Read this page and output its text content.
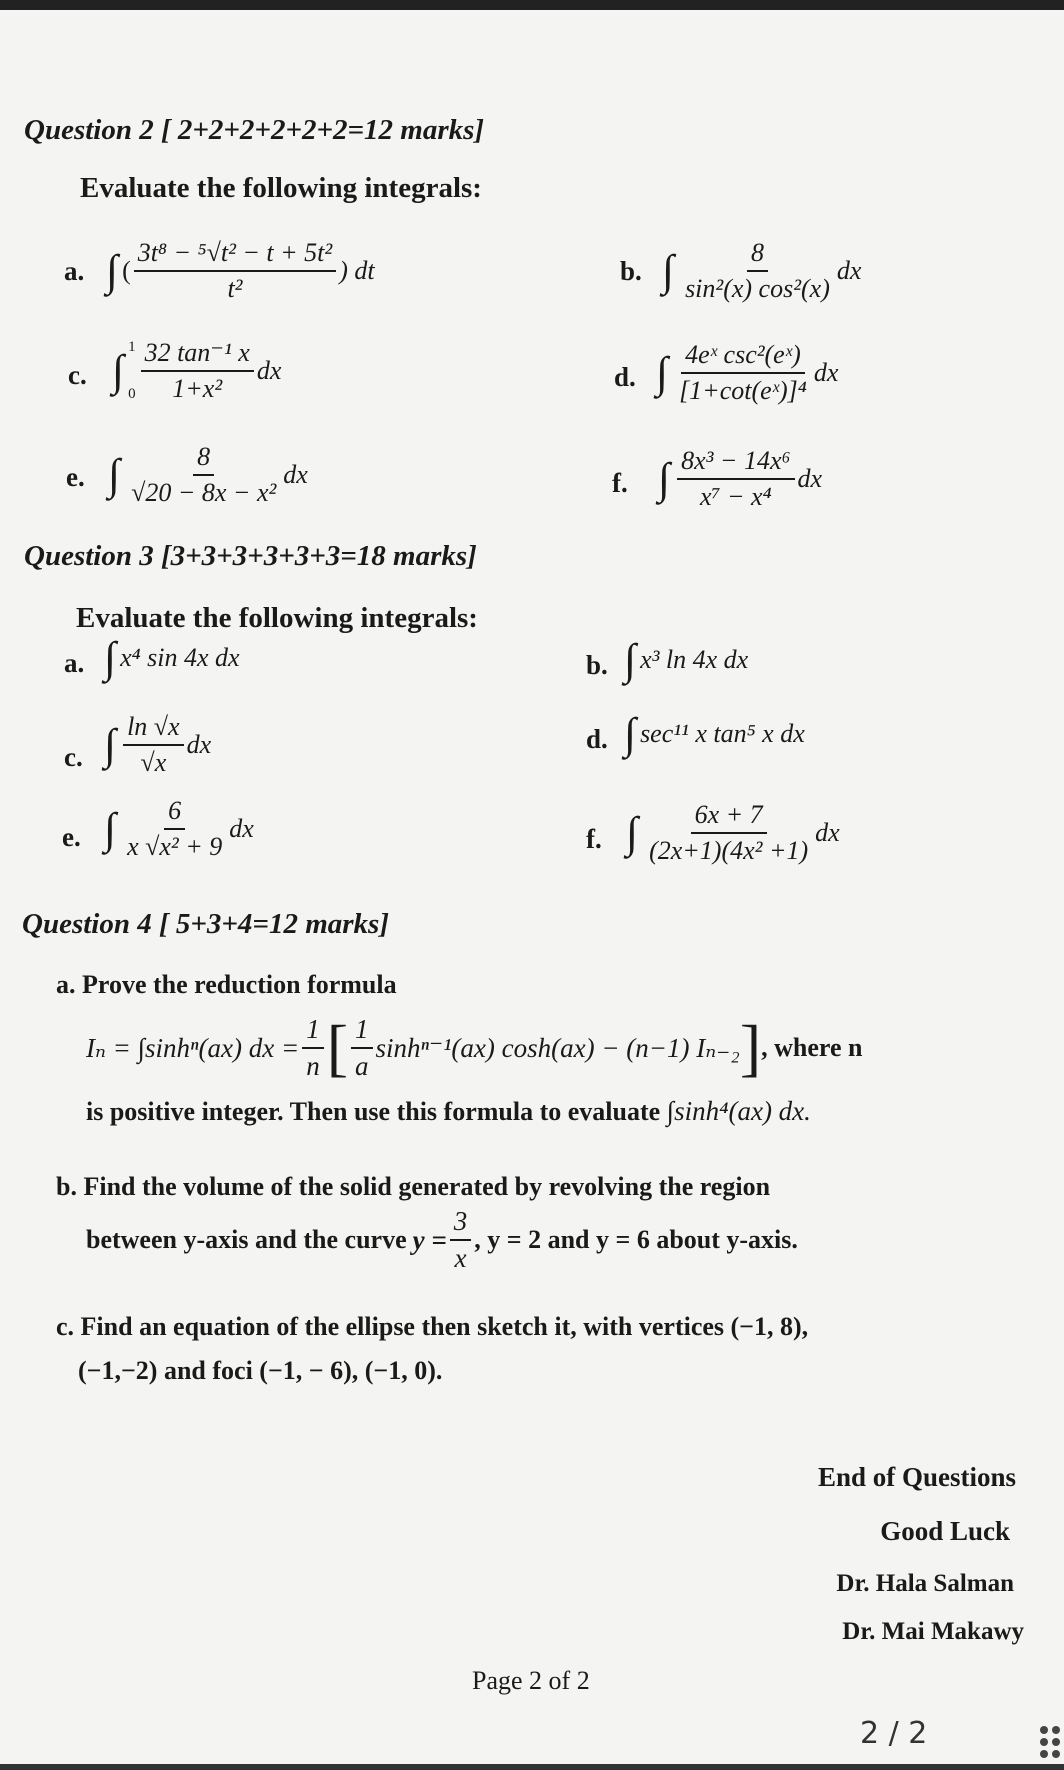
Question 2 [ 2+2+2+2+2+2=12 marks]
Evaluate the following integrals:
a. ∫ ( $\frac{\text{3t⁸ − ⁵√t² − t + 5t²}}{\text{t²}}$ ) dt	b. ∫ $\frac{8}{\text{sin²(x) cos²(x)}}$ dx
c. ∫ 1
$0 \frac{\text{32 tan⁻¹ x}}{\text{1+x²}}$ dx	d. ∫ $\frac{\text{4eˣ csc²(eˣ)}}{\text{[1+cot(eˣ)]⁴}}$ dx
e. ∫ $\frac{8}{\text{√20 − 8x − x²}}$ dx	f. ∫ $\frac{\text{8x³ − 14x⁶}}{\text{x⁷ − x⁴}}$ dx
Question 3 [3+3+3+3+3+3=18 marks]
Evaluate the following integrals:
a. ∫ x⁴ sin 4x dx	b. ∫ x³ ln 4x dx
c. ∫ $\frac{\ln √x}{√x}$ dx	d. ∫ sec¹¹ x tan⁵ x dx
e. ∫ $\frac{6}{\text{x √x² + 9}}$ dx	f. ∫ $\frac{6x + 7}{\text{(2x+1)(4x² +1)}}$ dx
Question 4 [ 5+3+4=12 marks]
a. Prove the reduction formula
Iₙ = ∫sinhⁿ(ax) dx = $\frac{1}{n}$ [ $\frac{1}{a} \sinh^{n-1}(ax) \cosh(ax) - (n-1)$ Iₙ₋₂ ] , where n
is positive integer. Then use this formula to evaluate ∫sinh⁴(ax) dx.
b. Find the volume of the solid generated by revolving the region
between y-axis and the curve $y = \frac{3}{x}$ , y = 2 and y = 6 about y-axis.
c. Find an equation of the ellipse then sketch it, with vertices (−1, 8),
(−1,−2) and foci (−1, − 6), (−1, 0).
End of Questions
Good Luck
Dr. Hala Salman
Dr. Mai Makawy
Page 2 of 2
2 / 2
